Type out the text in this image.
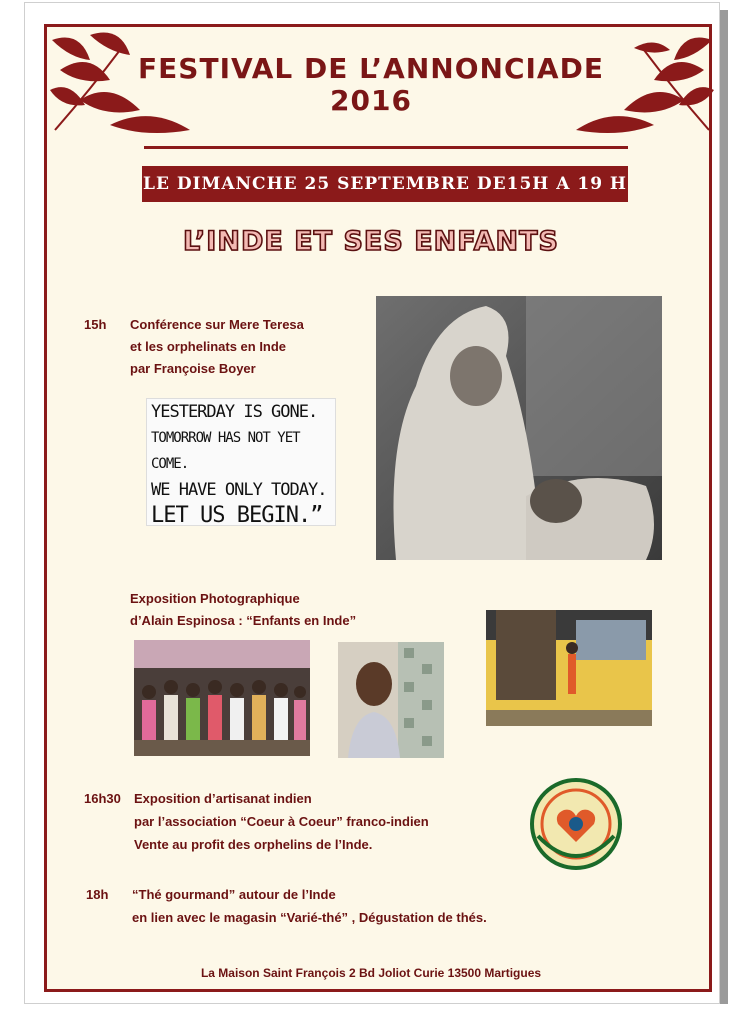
FESTIVAL DE L’ANNONCIADE
2016
LE DIMANCHE 25 SEPTEMBRE DE15H A 19 H
L’INDE ET SES ENFANTS
15h Conférence sur Mere Teresa
et les orphelinats en Inde
par Françoise Boyer
YESTERDAY IS GONE.
TOMORROW HAS NOT YET COME.
WE HAVE ONLY TODAY.
LET US BEGIN.”
Exposition Photographique
d’Alain Espinosa : “Enfants en Inde”
16h30 Exposition d’artisanat indien
par l’association “Coeur à Coeur” franco-indien
Vente au profit des orphelins de l’Inde.
18h “Thé gourmand” autour de l’Inde
en lien avec le magasin “Varié-thé” , Dégustation de thés.
La Maison Saint François 2 Bd Joliot Curie 13500 Martigues
